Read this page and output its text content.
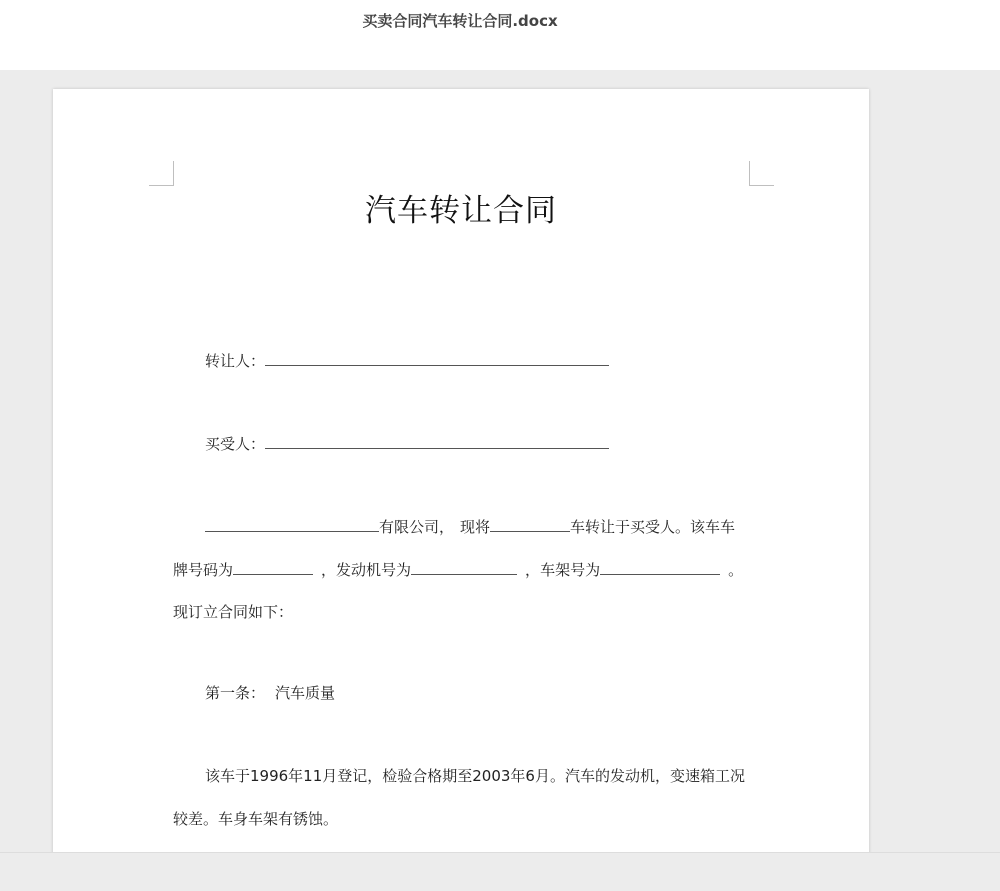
买卖合同汽车转让合同.docx
汽车转让合同
转让人：
买受人：
有限公司， 现将	车转让于买受人。该车车
牌号码为	，发动机号为	，车架号为	。
现订立合同如下：
第一条： 汽车质量
该车于1996年11月登记，检验合格期至2003年6月。汽车的发动机，变速箱工况
较差。车身车架有锈蚀。
